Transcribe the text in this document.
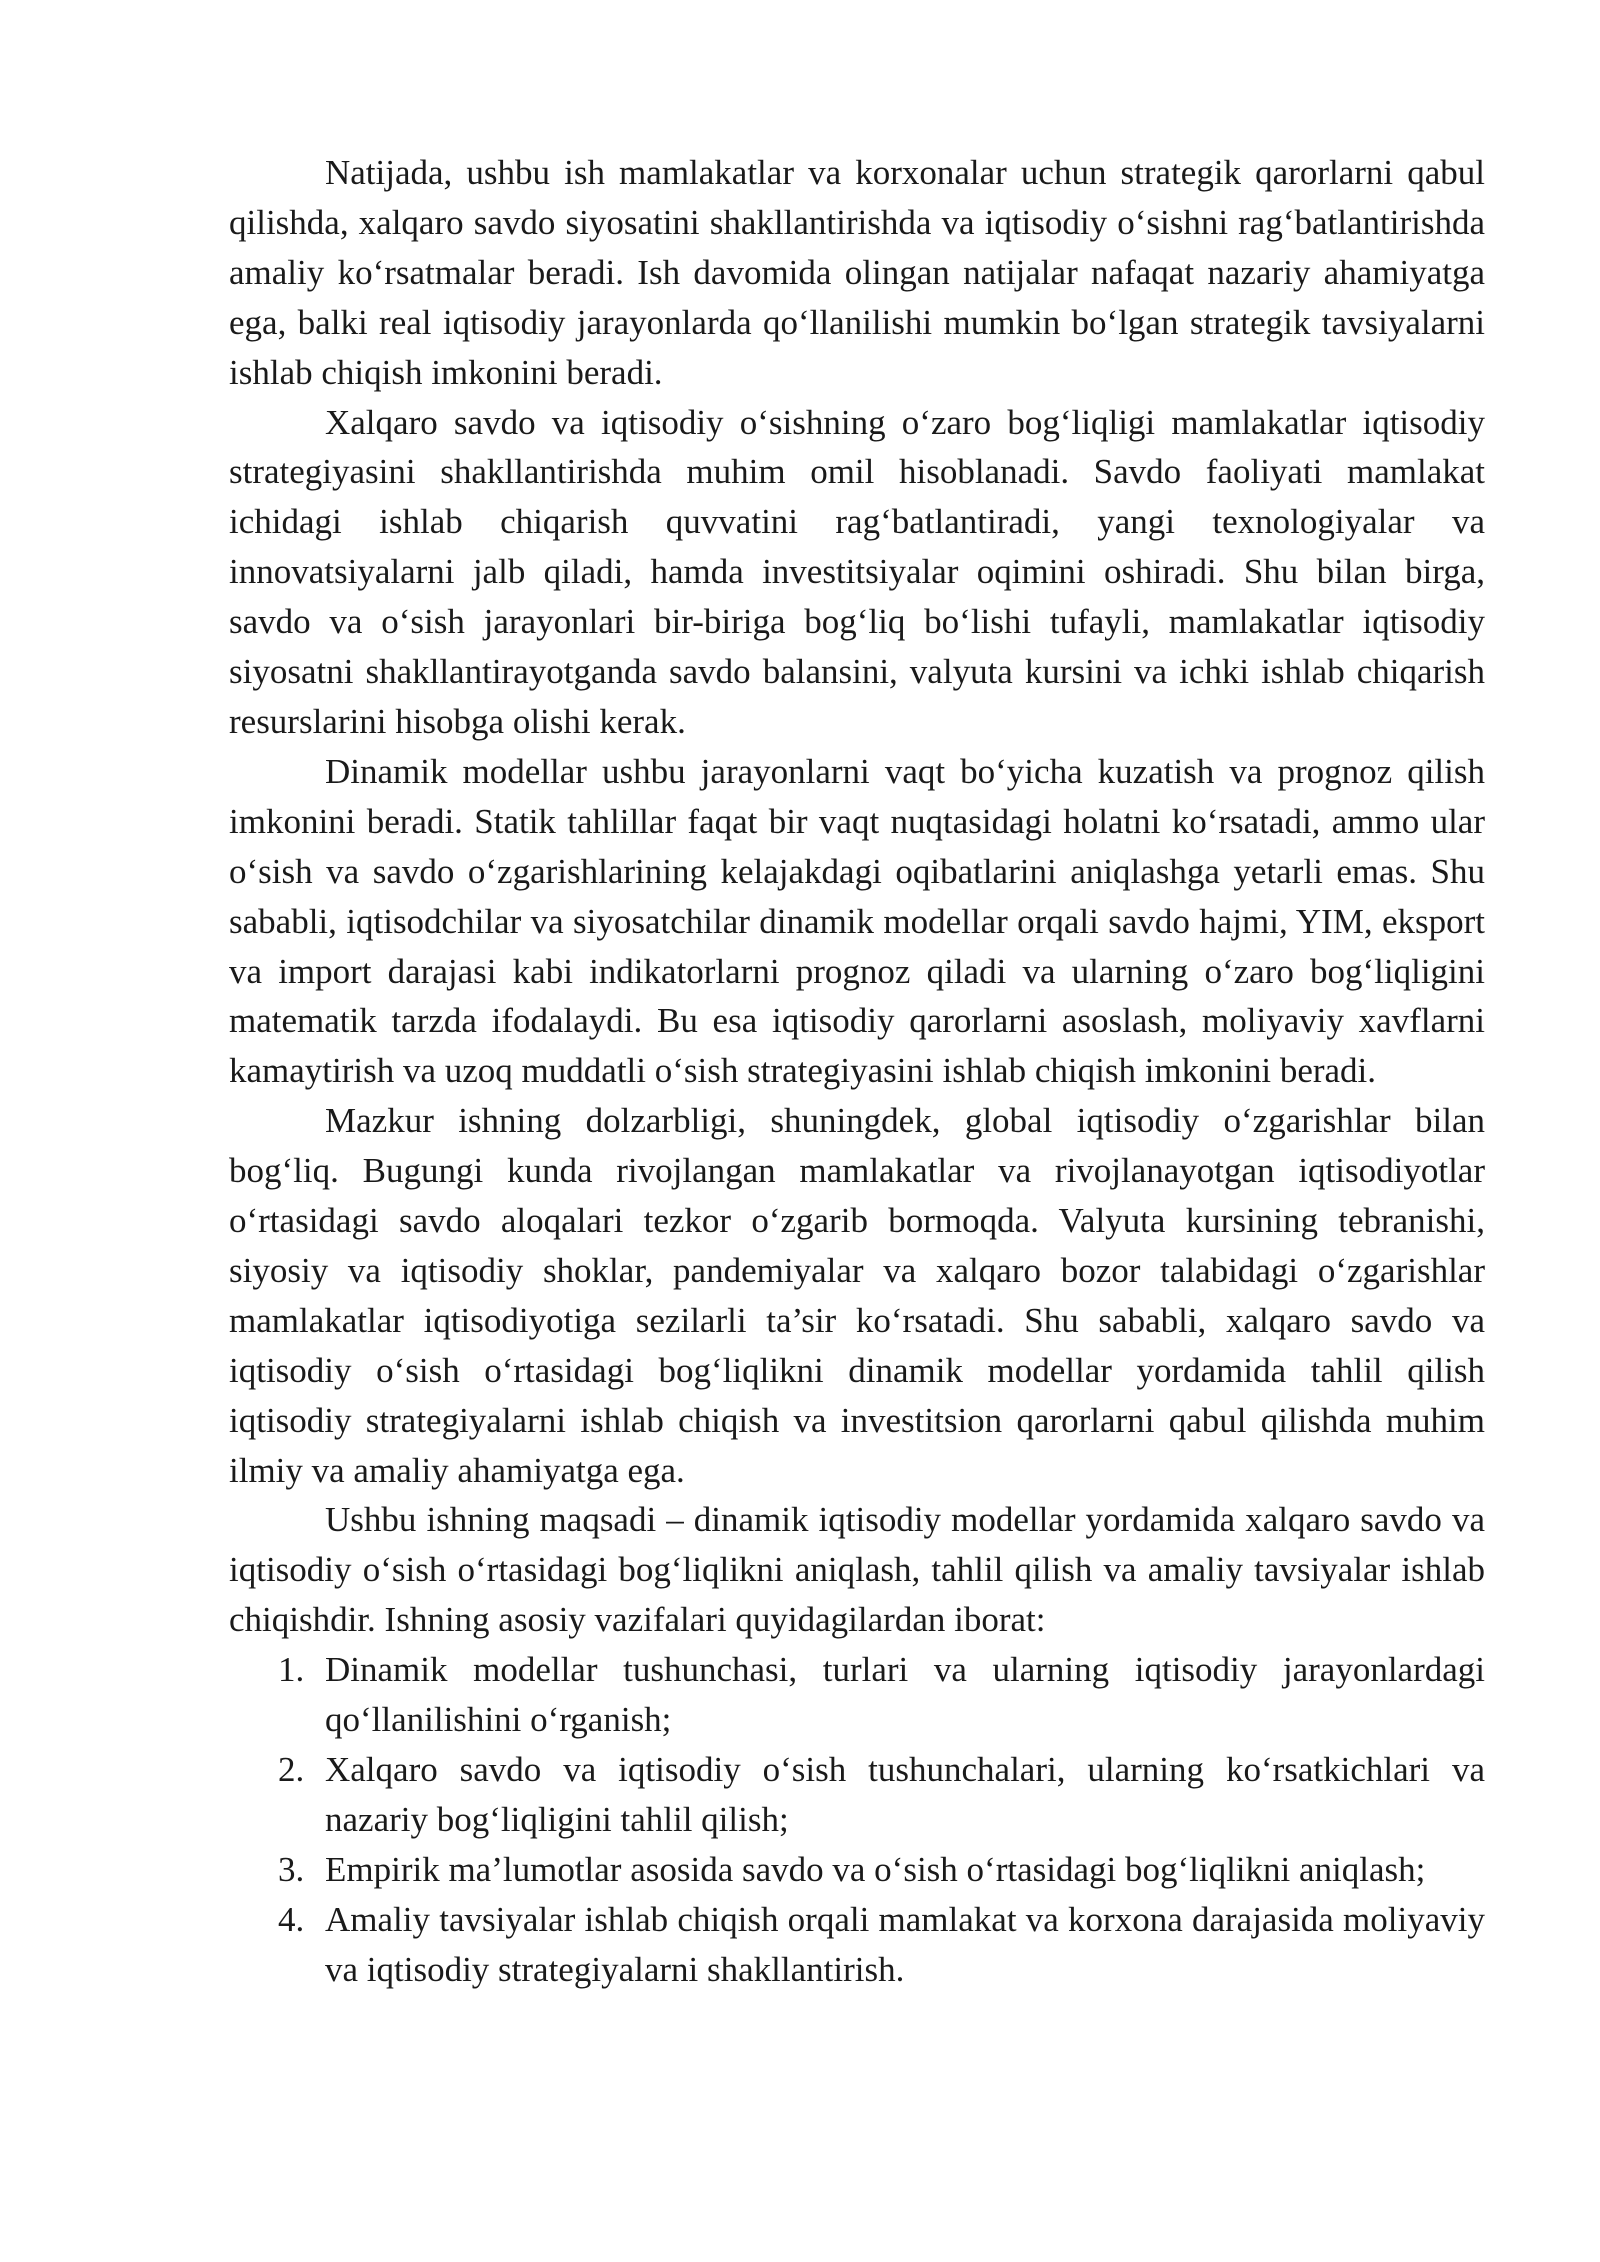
Natijada, ushbu ish mamlakatlar va korxonalar uchun strategik qarorlarni qabul qilishda, xalqaro savdo siyosatini shakllantirishda va iqtisodiy o‘sishni rag‘batlantirishda amaliy ko‘rsatmalar beradi. Ish davomida olingan natijalar nafaqat nazariy ahamiyatga ega, balki real iqtisodiy jarayonlarda qo‘llanilishi mumkin bo‘lgan strategik tavsiyalarni ishlab chiqish imkonini beradi.

Xalqaro savdo va iqtisodiy o‘sishning o‘zaro bog‘liqligi mamlakatlar iqtisodiy strategiyasini shakllantirishda muhim omil hisoblanadi. Savdo faoliyati mamlakat ichidagi ishlab chiqarish quvvatini rag‘batlantiradi, yangi texnologiyalar va innovatsiyalarni jalb qiladi, hamda investitsiyalar oqimini oshiradi. Shu bilan birga, savdo va o‘sish jarayonlari bir-biriga bog‘liq bo‘lishi tufayli, mamlakatlar iqtisodiy siyosatni shakllantirayotganda savdo balansini, valyuta kursini va ichki ishlab chiqarish resurslarini hisobga olishi kerak.

Dinamik modellar ushbu jarayonlarni vaqt bo‘yicha kuzatish va prognoz qilish imkonini beradi. Statik tahlillar faqat bir vaqt nuqtasidagi holatni ko‘rsatadi, ammo ular o‘sish va savdo o‘zgarishlarining kelajakdagi oqibatlarini aniqlashga yetarli emas. Shu sababli, iqtisodchilar va siyosatchilar dinamik modellar orqali savdo hajmi, YIM, eksport va import darajasi kabi indikatorlarni prognoz qiladi va ularning o‘zaro bog‘liqligini matematik tarzda ifodalaydi. Bu esa iqtisodiy qarorlarni asoslash, moliyaviy xavflarni kamaytirish va uzoq muddatli o‘sish strategiyasini ishlab chiqish imkonini beradi.

Mazkur ishning dolzarbligi, shuningdek, global iqtisodiy o‘zgarishlar bilan bog‘liq. Bugungi kunda rivojlangan mamlakatlar va rivojlanayotgan iqtisodiyotlar o‘rtasidagi savdo aloqalari tezkor o‘zgarib bormoqda. Valyuta kursining tebranishi, siyosiy va iqtisodiy shoklar, pandemiyalar va xalqaro bozor talabidagi o‘zgarishlar mamlakatlar iqtisodiyotiga sezilarli ta’sir ko‘rsatadi. Shu sababli, xalqaro savdo va iqtisodiy o‘sish o‘rtasidagi bog‘liqlikni dinamik modellar yordamida tahlil qilish iqtisodiy strategiyalarni ishlab chiqish va investitsion qarorlarni qabul qilishda muhim ilmiy va amaliy ahamiyatga ega.

Ushbu ishning maqsadi – dinamik iqtisodiy modellar yordamida xalqaro savdo va iqtisodiy o‘sish o‘rtasidagi bog‘liqlikni aniqlash, tahlil qilish va amaliy tavsiyalar ishlab chiqishdir. Ishning asosiy vazifalari quyidagilardan iborat:

1. Dinamik modellar tushunchasi, turlari va ularning iqtisodiy jarayonlardagi qo‘llanilishini o‘rganish;
2. Xalqaro savdo va iqtisodiy o‘sish tushunchalari, ularning ko‘rsatkichlari va nazariy bog‘liqligini tahlil qilish;
3. Empirik ma’lumotlar asosida savdo va o‘sish o‘rtasidagi bog‘liqlikni aniqlash;
4. Amaliy tavsiyalar ishlab chiqish orqali mamlakat va korxona darajasida moliyaviy va iqtisodiy strategiyalarni shakllantirish.
